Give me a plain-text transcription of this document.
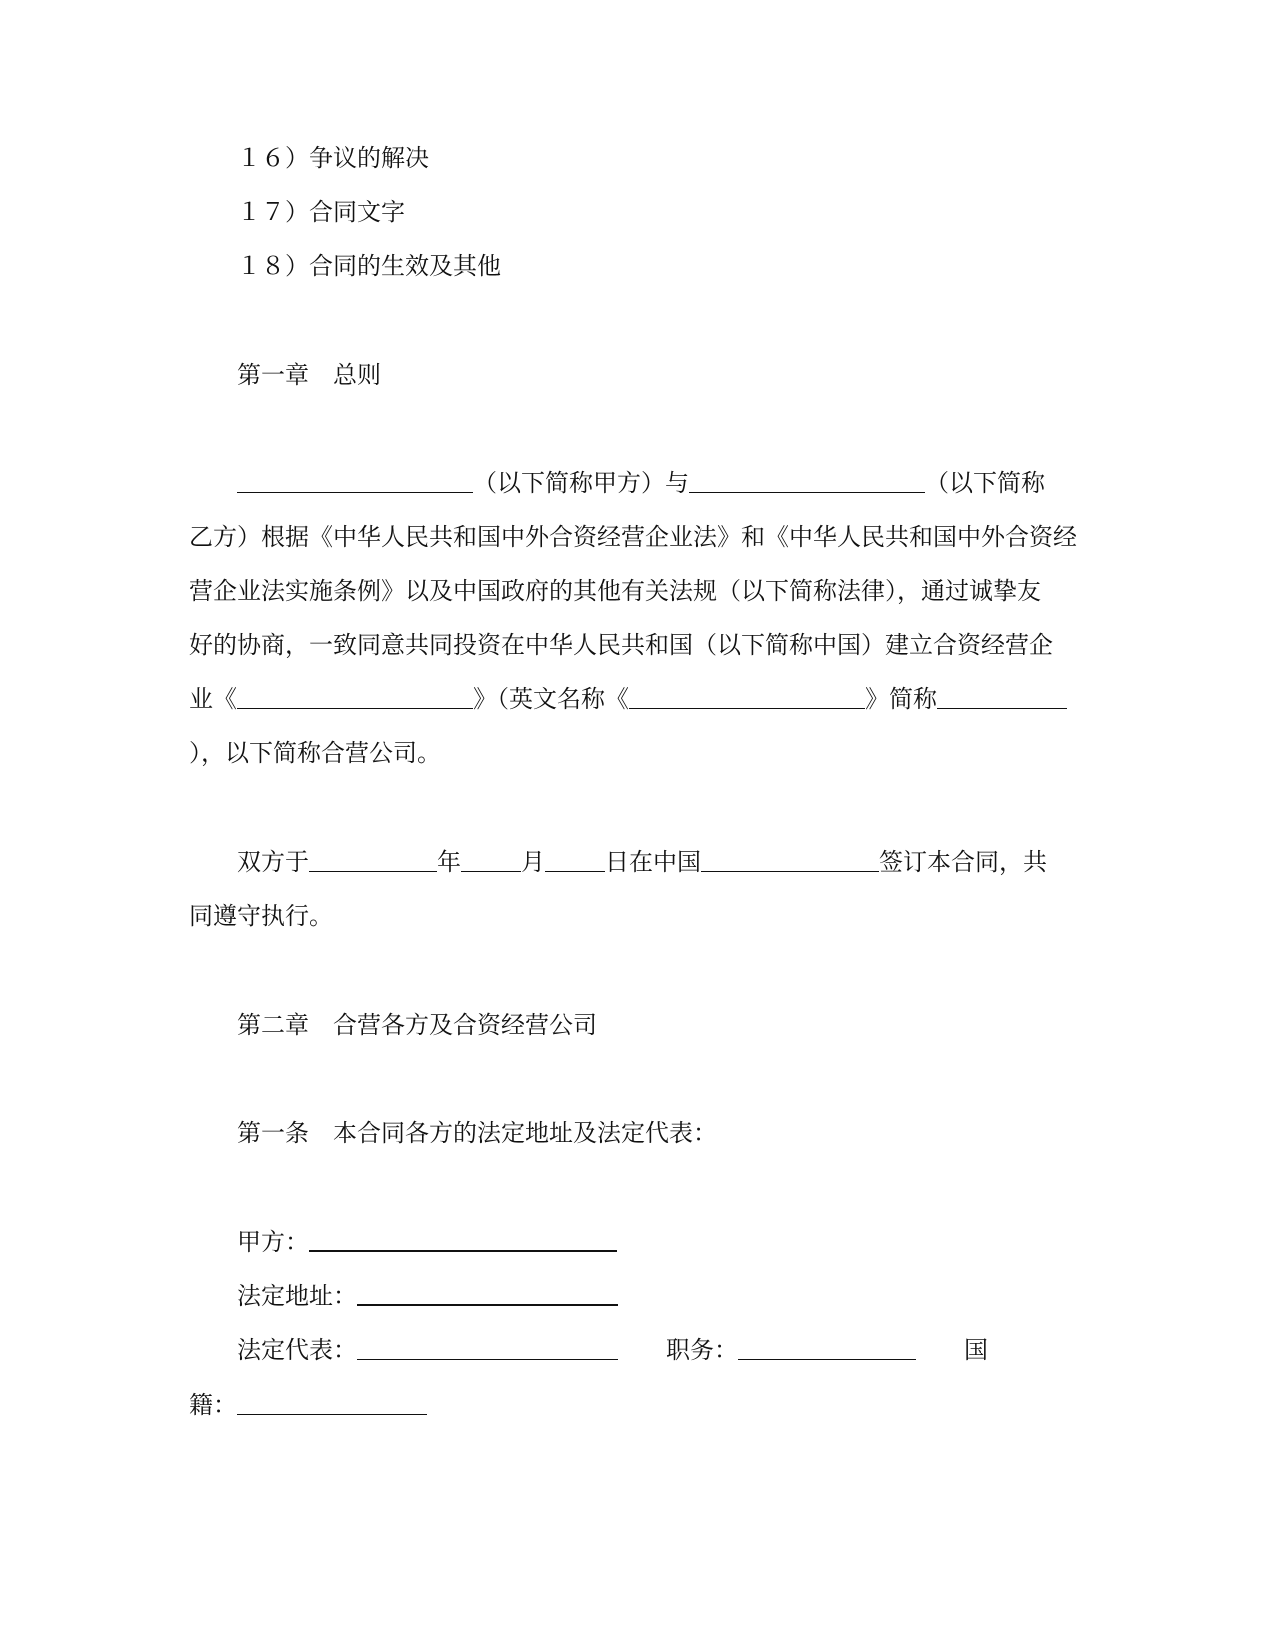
１６）争议的解决
１７）合同文字
１８）合同的生效及其他
第一章 总则
（以下简称甲方）与	（以下简称
乙方）根据《中华人民共和国中外合资经营企业法》和《中华人民共和国中外合资经
营企业法实施条例》以及中国政府的其他有关法规（以下简称法律），通过诚挚友
好的协商，一致同意共同投资在中华人民共和国（以下简称中国）建立合资经营企
业《	》（英文名称《	》简称
），以下简称合营公司。
双方于	年	月	日在中国	签订本合同，共
同遵守执行。
第二章 合营各方及合资经营公司
第一条 本合同各方的法定地址及法定代表：
甲方：
法定地址：
法定代表：	职务：	国
籍：
